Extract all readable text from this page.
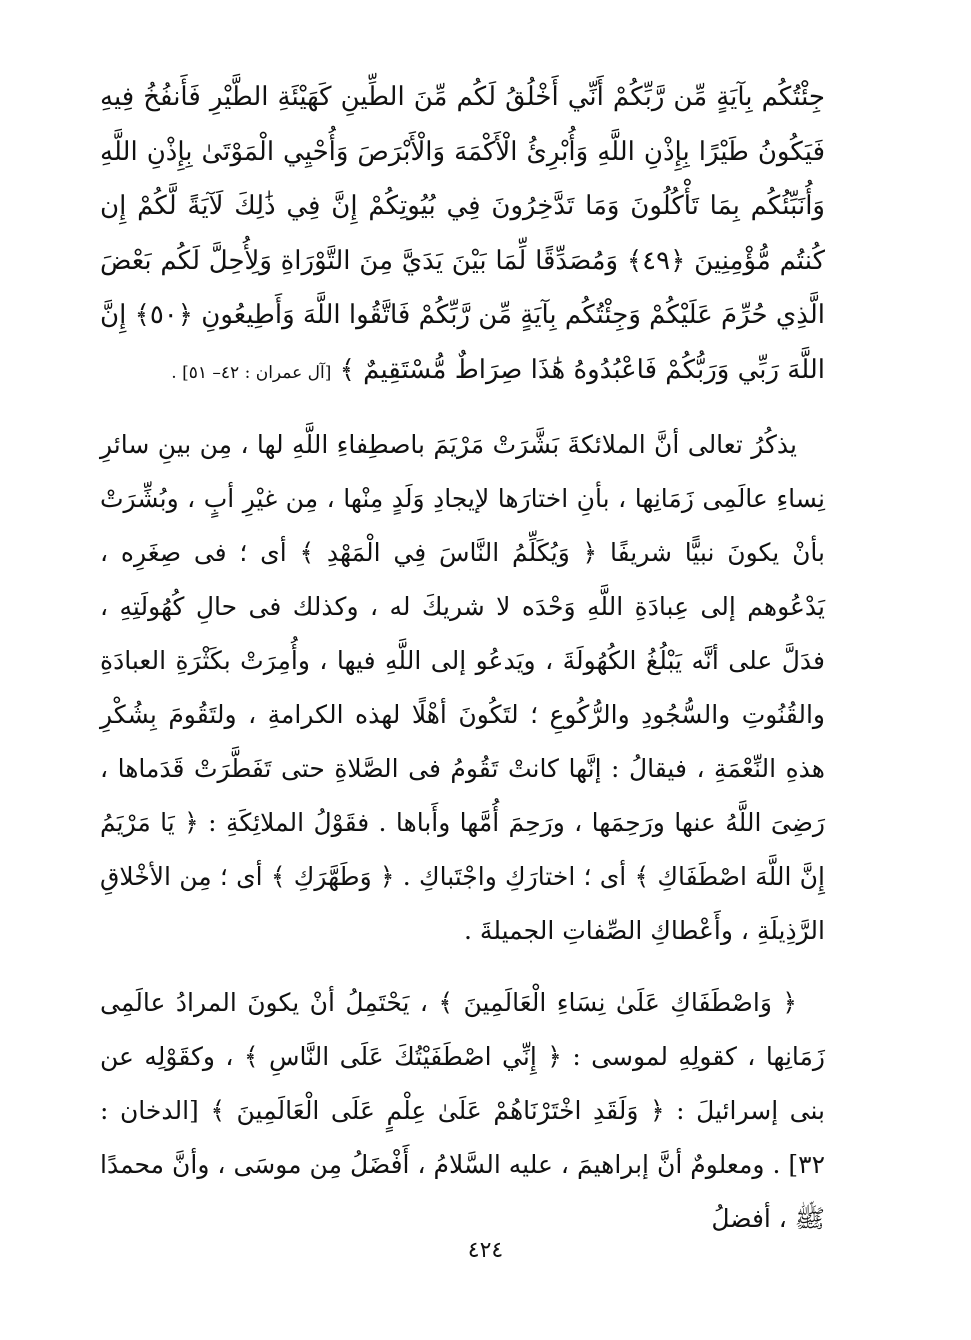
جِئْتُكُم بِآيَةٍ مِّن رَّبِّكُمْ أَنِّي أَخْلُقُ لَكُم مِّنَ الطِّينِ كَهَيْئَةِ الطَّيْرِ فَأَنفُخُ فِيهِ فَيَكُونُ طَيْرًا بِإِذْنِ اللَّهِ وَأُبْرِئُ الْأَكْمَهَ وَالْأَبْرَصَ وَأُحْيِي الْمَوْتَىٰ بِإِذْنِ اللَّهِ وَأُنَبِّئُكُم بِمَا تَأْكُلُونَ وَمَا تَدَّخِرُونَ فِي بُيُوتِكُمْ إِنَّ فِي ذَٰلِكَ لَآيَةً لَّكُمْ إِن كُنتُم مُّؤْمِنِينَ ﴿٤٩﴾ وَمُصَدِّقًا لِّمَا بَيْنَ يَدَيَّ مِنَ التَّوْرَاةِ وَلِأُحِلَّ لَكُم بَعْضَ الَّذِي حُرِّمَ عَلَيْكُمْ وَجِئْتُكُم بِآيَةٍ مِّن رَّبِّكُمْ فَاتَّقُوا اللَّهَ وَأَطِيعُونِ ﴿٥٠﴾ إِنَّ اللَّهَ رَبِّي وَرَبُّكُمْ فَاعْبُدُوهُ هَٰذَا صِرَاطٌ مُّسْتَقِيمٌ ﴾ [آل عمران : ٤٢– ٥١] .

يذكُرُ تعالى أنَّ الملائكةَ بَشَّرَتْ مَرْيَمَ باصطِفاءِ اللَّهِ لها ، مِن بينِ سائرِ نِساءِ عالَمِى زَمَانِها ، بأنِ اختارَها لإيجادِ وَلَدٍ مِنْها ، مِن غيْرِ أبٍ ، وبُشِّرَتْ بأنْ يكونَ نبيًّا شريفًا ﴿ وَيُكَلِّمُ النَّاسَ فِي الْمَهْدِ ﴾ أى ؛ فى صِغَرِه ، يَدْعُوهم إلى عِبادَةِ اللَّهِ وَحْدَه لا شريكَ له ، وكذلك فى حالِ كُهُولَتِهِ ، فدَلَّ على أنَّه يَبْلُغُ الكُهُولَةَ ، ويَدعُو إلى اللَّهِ فيها ، وأُمِرَتْ بكَثْرَةِ العبادَةِ والقُنُوتِ والسُّجُودِ والرُّكُوعِ ؛ لتَكُونَ أهْلًا لهذه الكرامةِ ، ولتَقُومَ بِشُكْرِ هذهِ النِّعْمَةِ ، فيقالُ : إنَّها كانتْ تَقُومُ فى الصَّلاةِ حتى تَفَطَّرَتْ قَدَماها ، رَضِىَ اللَّهُ عنها ورَحِمَها ، ورَحِمَ أُمَّها وأَباها . فقَوْلُ الملائِكَةِ : ﴿ يَا مَرْيَمُ إِنَّ اللَّهَ اصْطَفَاكِ ﴾ أى ؛ اختارَكِ واجْتَباكِ . ﴿ وَطَهَّرَكِ ﴾ أى ؛ مِن الأخْلاقِ الرَّذِيلَةِ ، وأَعْطاكِ الصِّفاتِ الجميلةَ .

﴿ وَاصْطَفَاكِ عَلَىٰ نِسَاءِ الْعَالَمِينَ ﴾ ، يَحْتَمِلُ أنْ يكونَ المرادُ عالَمِى زَمَانِها ، كقولِهِ لموسى : ﴿ إِنِّي اصْطَفَيْتُكَ عَلَى النَّاسِ ﴾ ، وكقَوْلِه عن بنى إسرائيلَ : ﴿ وَلَقَدِ اخْتَرْنَاهُمْ عَلَىٰ عِلْمٍ عَلَى الْعَالَمِينَ ﴾ [الدخان : ٣٢] . ومعلومٌ أنَّ إبراهيمَ ، عليه السَّلامُ ، أَفْضَلُ مِن موسَى ، وأنَّ محمدًا ﷺ ، أفضلُ

٤٢٤
